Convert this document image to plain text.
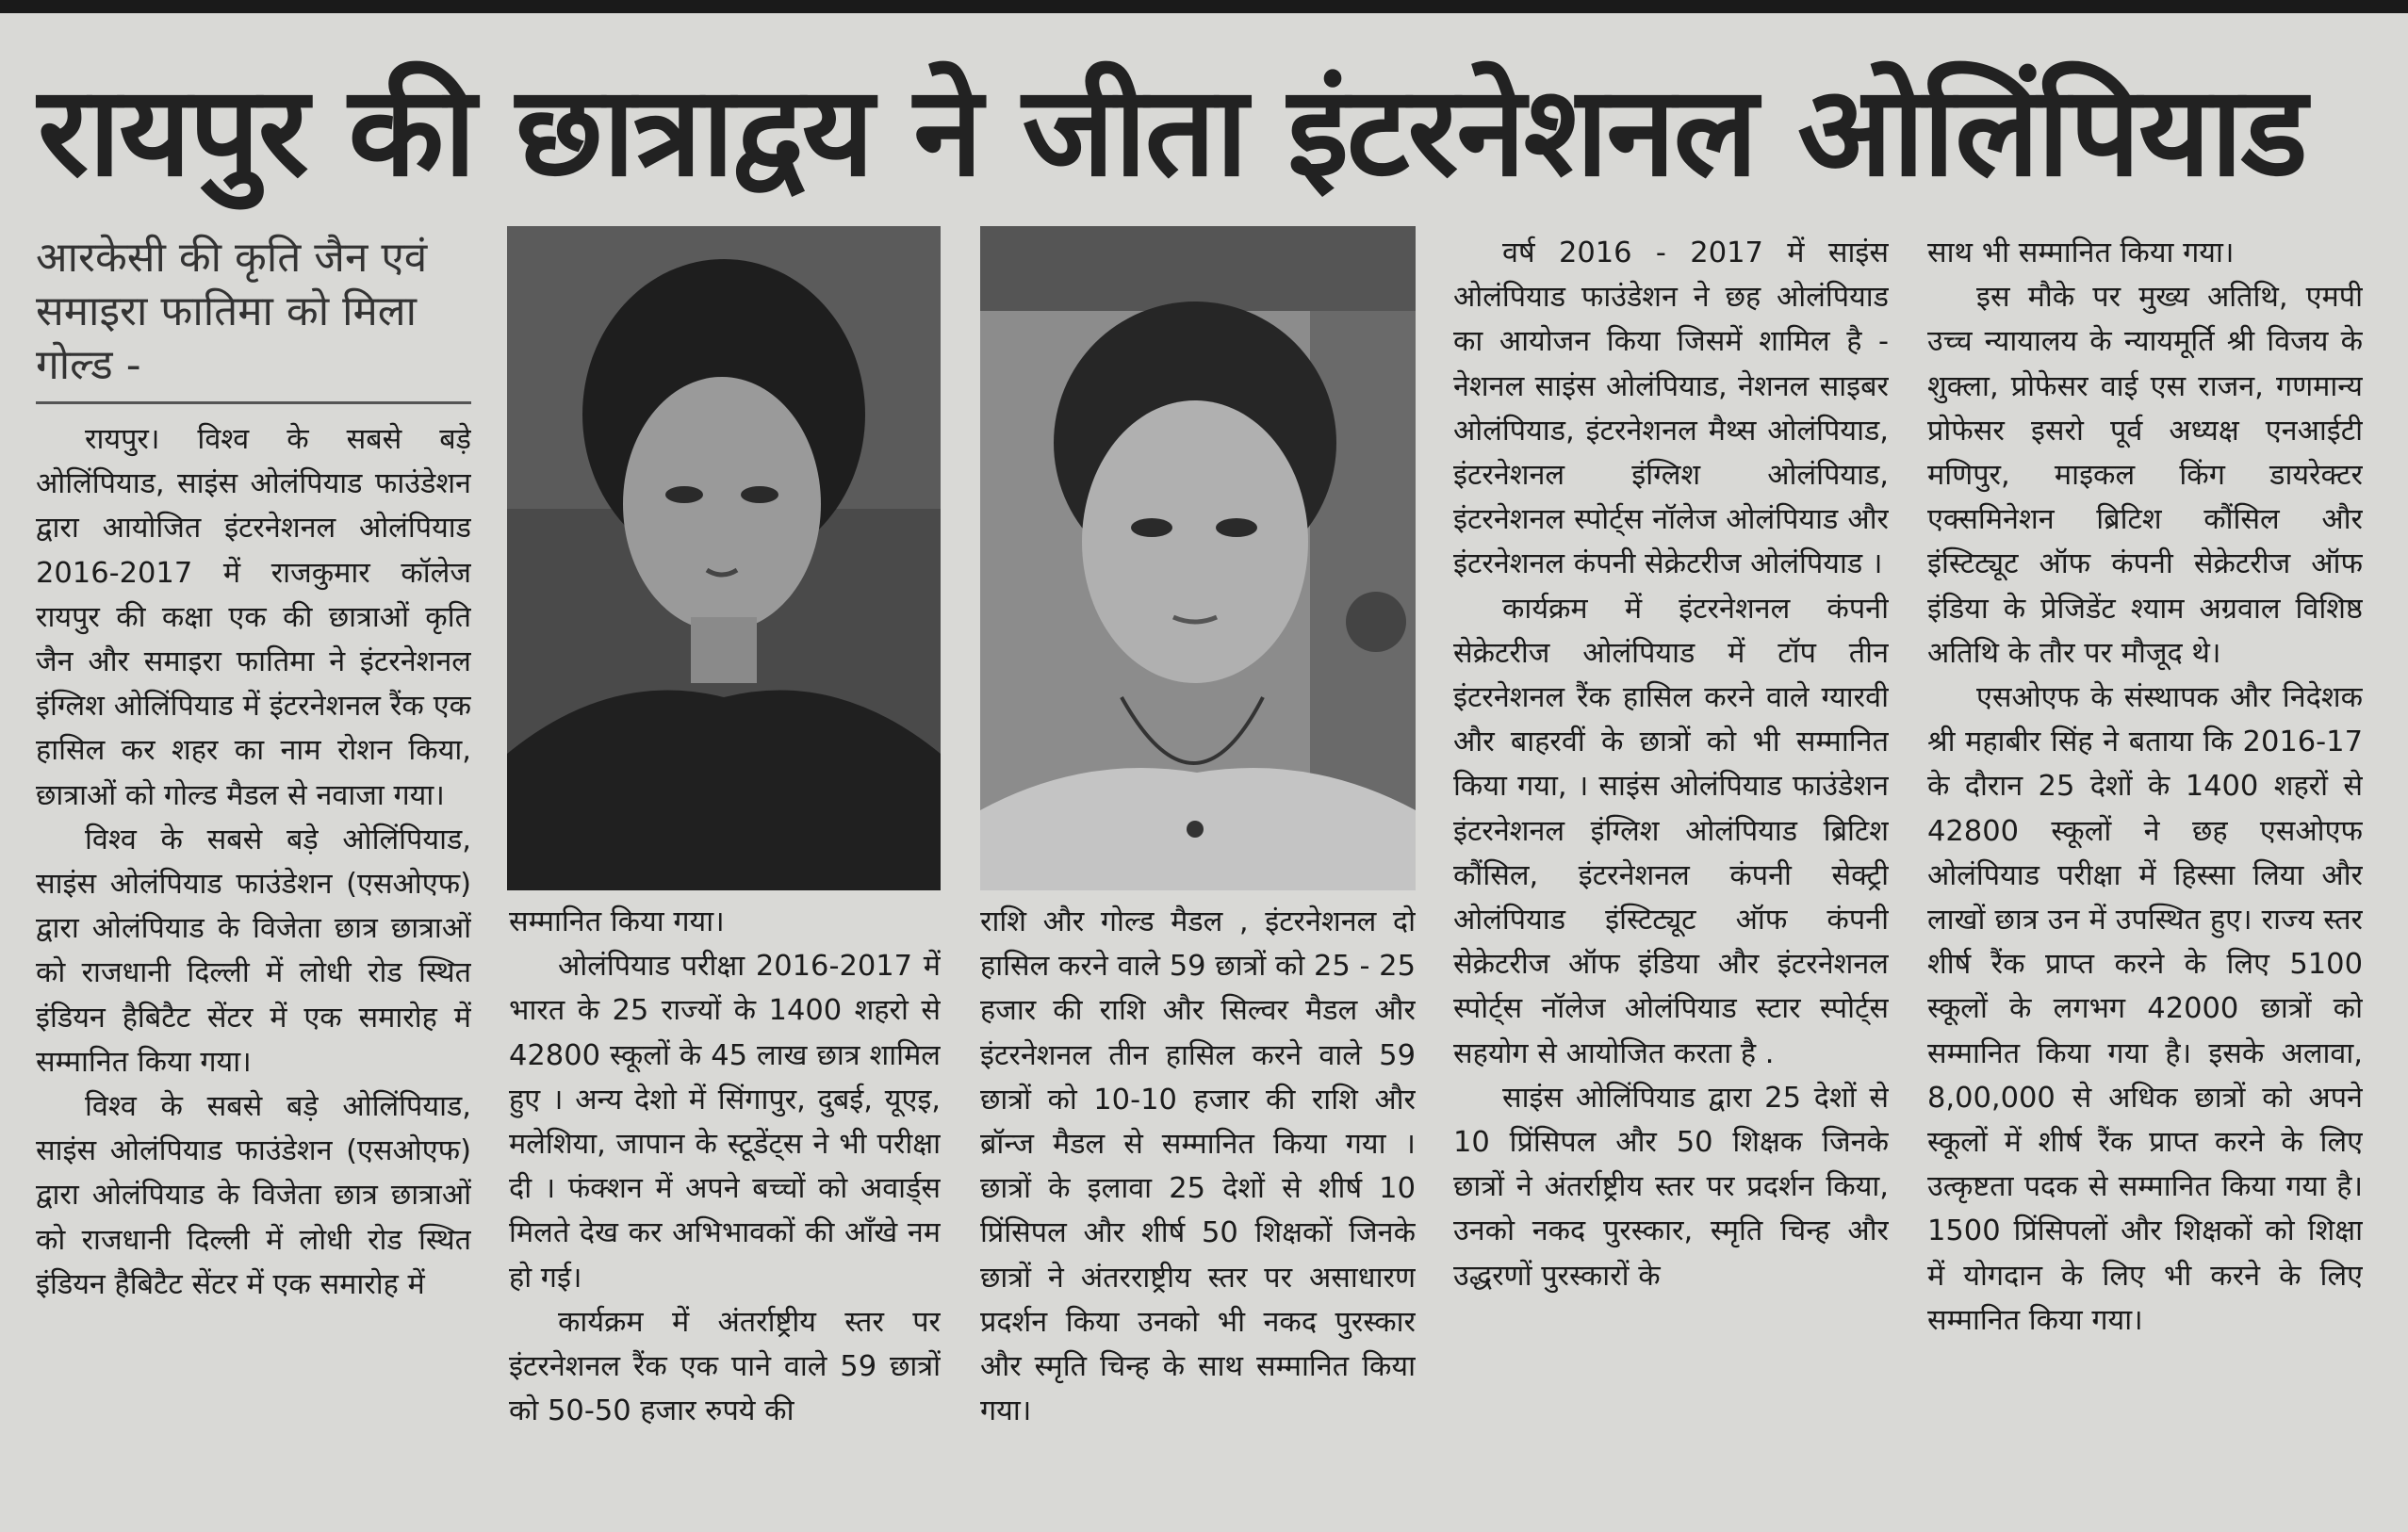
रायपुर की छात्राद्वय ने जीता इंटरनेशनल ओलिंपियाड
आरकेसी की कृति जैन एवं समाइरा फातिमा को मिला गोल्ड -

रायपुर। विश्व के सबसे बड़े ओलिंपियाड, साइंस ओलंपियाड फाउंडेशन द्वारा आयोजित इंटरनेशनल ओलंपियाड 2016-2017 में राजकुमार कॉलेज रायपुर की कक्षा एक की छात्राओं कृति जैन और समाइरा फातिमा ने इंटरनेशनल इंग्लिश ओलिंपियाड में इंटरनेशनल रैंक एक हासिल कर शहर का नाम रोशन किया, छात्राओं को गोल्ड मैडल से नवाजा गया।

विश्व के सबसे बड़े ओलिंपियाड, साइंस ओलंपियाड फाउंडेशन (एसओएफ) द्वारा ओलंपियाड के विजेता छात्र छात्राओं को राजधानी दिल्ली में लोधी रोड स्थित इंडियन हैबिटैट सेंटर में एक समारोह में सम्मानित किया गया।

विश्व के सबसे बड़े ओलिंपियाड, साइंस ओलंपियाड फाउंडेशन (एसओएफ) द्वारा ओलंपियाड के विजेता छात्र छात्राओं को राजधानी दिल्ली में लोधी रोड स्थित इंडियन हैबिटैट सेंटर में एक समारोह में

सम्मानित किया गया।

ओलंपियाड परीक्षा 2016-2017 में भारत के 25 राज्यों के 1400 शहरो से 42800 स्कूलों के 45 लाख छात्र शामिल हुए । अन्य देशो में सिंगापुर, दुबई, यूएइ, मलेशिया, जापान के स्टूडेंट्स ने भी परीक्षा दी । फंक्शन में अपने बच्चों को अवार्ड्स मिलते देख कर अभिभावकों की आँखे नम हो गई।

कार्यक्रम में अंतर्राष्ट्रीय स्तर पर इंटरनेशनल रैंक एक पाने वाले 59 छात्रों को 50-50 हजार रुपये की

राशि और गोल्ड मैडल , इंटरनेशनल दो हासिल करने वाले 59 छात्रों को 25 - 25 हजार की राशि और सिल्वर मैडल और इंटरनेशनल तीन हासिल करने वाले 59 छात्रों को 10-10 हजार की राशि और ब्रॉन्ज मैडल से सम्मानित किया गया । छात्रों के इलावा 25 देशों से शीर्ष 10 प्रिंसिपल और शीर्ष 50 शिक्षकों जिनके छात्रों ने अंतरराष्ट्रीय स्तर पर असाधारण प्रदर्शन किया उनको भी नकद पुरस्कार और स्मृति चिन्ह के साथ सम्मानित किया गया।

वर्ष 2016 - 2017 में साइंस ओलंपियाड फाउंडेशन ने छह ओलंपियाड का आयोजन किया जिसमें शामिल है - नेशनल साइंस ओलंपियाड, नेशनल साइबर ओलंपियाड, इंटरनेशनल मैथ्स ओलंपियाड, इंटरनेशनल इंग्लिश ओलंपियाड, इंटरनेशनल स्पोर्ट्स नॉलेज ओलंपियाड और इंटरनेशनल कंपनी सेक्रेटरीज ओलंपियाड ।

कार्यक्रम में इंटरनेशनल कंपनी सेक्रेटरीज ओलंपियाड में टॉप तीन इंटरनेशनल रैंक हासिल करने वाले ग्यारवी और बाहरवीं के छात्रों को भी सम्मानित किया गया, । साइंस ओलंपियाड फाउंडेशन इंटरनेशनल इंग्लिश ओलंपियाड ब्रिटिश कौंसिल, इंटरनेशनल कंपनी सेक्ट्री ओलंपियाड इंस्टिट्यूट ऑफ कंपनी सेक्रेटरीज ऑफ इंडिया और इंटरनेशनल स्पोर्ट्स नॉलेज ओलंपियाड स्टार स्पोर्ट्स सहयोग से आयोजित करता है .

साइंस ओलिंपियाड द्वारा 25 देशों से 10 प्रिंसिपल और 50 शिक्षक जिनके छात्रों ने अंतर्राष्ट्रीय स्तर पर प्रदर्शन किया, उनको नकद पुरस्कार, स्मृति चिन्ह और उद्धरणों पुरस्कारों के

साथ भी सम्मानित किया गया।

इस मौके पर मुख्य अतिथि, एमपी उच्च न्यायालय के न्यायमूर्ति श्री विजय के शुक्ला, प्रोफेसर वाई एस राजन, गणमान्य प्रोफेसर इसरो पूर्व अध्यक्ष एनआईटी मणिपुर, माइकल किंग डायरेक्टर एक्समिनेशन ब्रिटिश कौंसिल और इंस्टिट्यूट ऑफ कंपनी सेक्रेटरीज ऑफ इंडिया के प्रेजिडेंट श्याम अग्रवाल विशिष्ठ अतिथि के तौर पर मौजूद थे।

एसओएफ के संस्थापक और निदेशक श्री महाबीर सिंह ने बताया कि 2016-17 के दौरान 25 देशों के 1400 शहरों से 42800 स्कूलों ने छह एसओएफ ओलंपियाड परीक्षा में हिस्सा लिया और लाखों छात्र उन में उपस्थित हुए। राज्य स्तर शीर्ष रैंक प्राप्त करने के लिए 5100 स्कूलों के लगभग 42000 छात्रों को सम्मानित किया गया है। इसके अलावा, 8,00,000 से अधिक छात्रों को अपने स्कूलों में शीर्ष रैंक प्राप्त करने के लिए उत्कृष्टता पदक से सम्मानित किया गया है। 1500 प्रिंसिपलों और शिक्षकों को शिक्षा में योगदान के लिए भी करने के लिए सम्मानित किया गया।
